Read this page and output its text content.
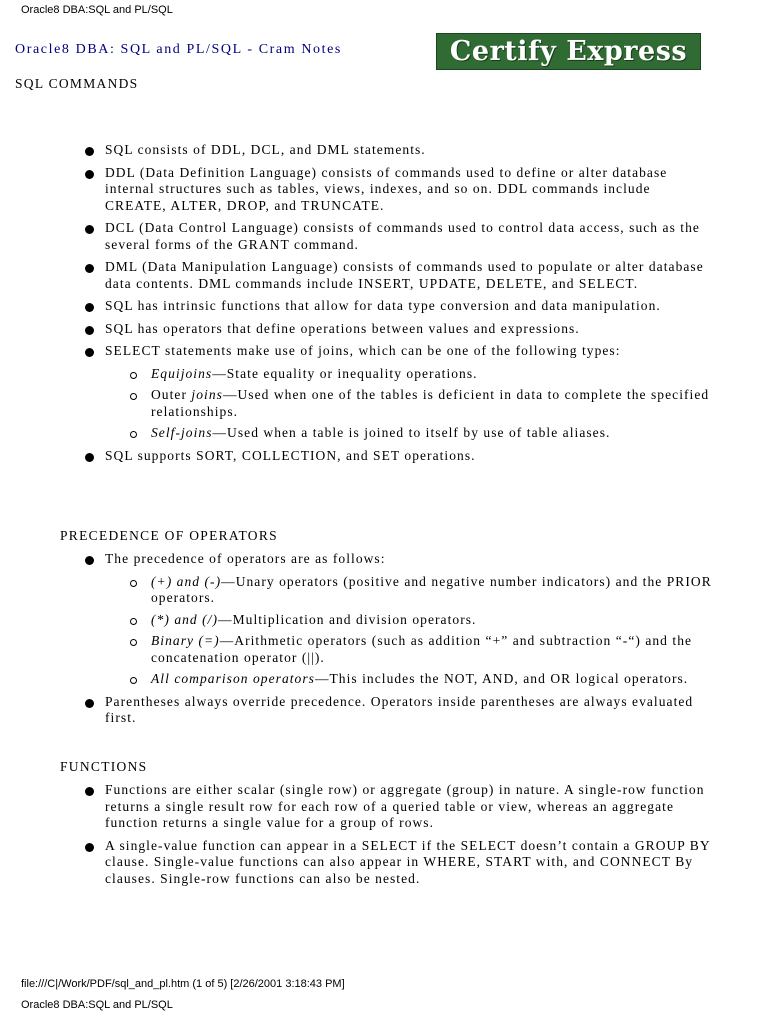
Oracle8 DBA:SQL and PL/SQL
Oracle8 DBA: SQL and PL/SQL - Cram Notes	Certify Express
SQL COMMANDS
SQL consists of DDL, DCL, and DML statements.
DDL (Data Definition Language) consists of commands used to define or alter database internal structures such as tables, views, indexes, and so on. DDL commands include CREATE, ALTER, DROP, and TRUNCATE.
DCL (Data Control Language) consists of commands used to control data access, such as the several forms of the GRANT command.
DML (Data Manipulation Language) consists of commands used to populate or alter database data contents. DML commands include INSERT, UPDATE, DELETE, and SELECT.
SQL has intrinsic functions that allow for data type conversion and data manipulation.
SQL has operators that define operations between values and expressions.
SELECT statements make use of joins, which can be one of the following types:
Equijoins—State equality or inequality operations.
Outer joins—Used when one of the tables is deficient in data to complete the specified relationships.
Self-joins—Used when a table is joined to itself by use of table aliases.
SQL supports SORT, COLLECTION, and SET operations.
PRECEDENCE OF OPERATORS
The precedence of operators are as follows:
(+) and (-)—Unary operators (positive and negative number indicators) and the PRIOR operators.
(*) and (/)—Multiplication and division operators.
Binary (=)—Arithmetic operators (such as addition “+” and subtraction “-“) and the concatenation operator (||).
All comparison operators—This includes the NOT, AND, and OR logical operators.
Parentheses always override precedence. Operators inside parentheses are always evaluated first.
FUNCTIONS
Functions are either scalar (single row) or aggregate (group) in nature. A single-row function returns a single result row for each row of a queried table or view, whereas an aggregate function returns a single value for a group of rows.
A single-value function can appear in a SELECT if the SELECT doesn’t contain a GROUP BY clause. Single-value functions can also appear in WHERE, START with, and CONNECT By clauses. Single-row functions can also be nested.
file:///C|/Work/PDF/sql_and_pl.htm (1 of 5) [2/26/2001 3:18:43 PM]
Oracle8 DBA:SQL and PL/SQL
